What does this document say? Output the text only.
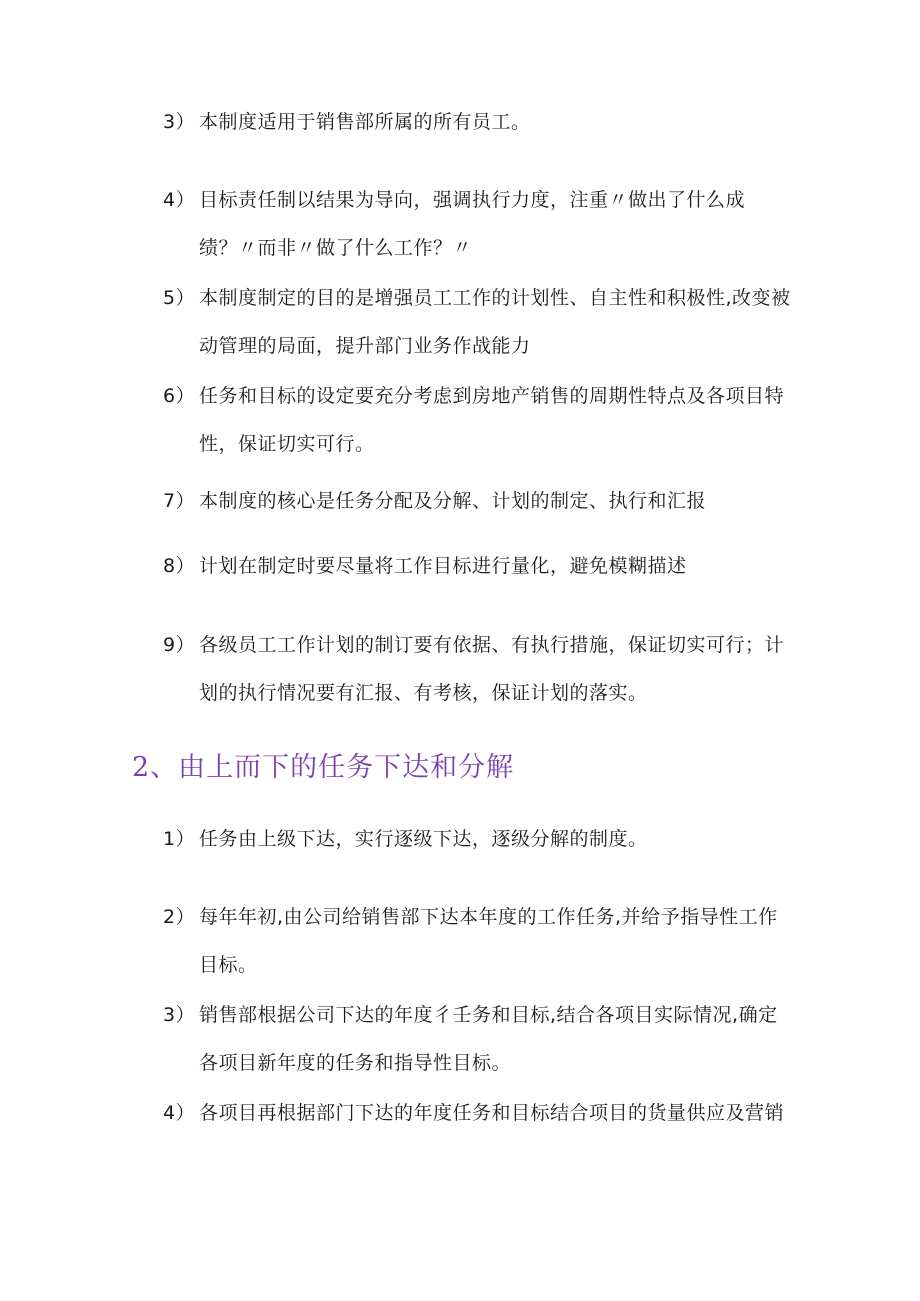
3） 本制度适用于销售部所属的所有员工。
4） 目标责任制以结果为导向，强调执行力度，注重〃做出了什么成
绩？〃而非〃做了什么工作？〃
5） 本制度制定的目的是增强员工工作的计划性、自主性和积极性,改变被
动管理的局面，提升部门业务作战能力
6） 任务和目标的设定要充分考虑到房地产销售的周期性特点及各项目特
性，保证切实可行。
7） 本制度的核心是任务分配及分解、计划的制定、执行和汇报
8） 计划在制定时要尽量将工作目标进行量化，避免模糊描述
9） 各级员工工作计划的制订要有依据、有执行措施，保证切实可行；计
划的执行情况要有汇报、有考核，保证计划的落实。
2、由上而下的任务下达和分解
1） 任务由上级下达，实行逐级下达，逐级分解的制度。
2） 每年年初,由公司给销售部下达本年度的工作任务,并给予指导性工作
目标。
3） 销售部根据公司下达的年度彳壬务和目标,结合各项目实际情况,确定
各项目新年度的任务和指导性目标。
4） 各项目再根据部门下达的年度任务和目标结合项目的货量供应及营销
